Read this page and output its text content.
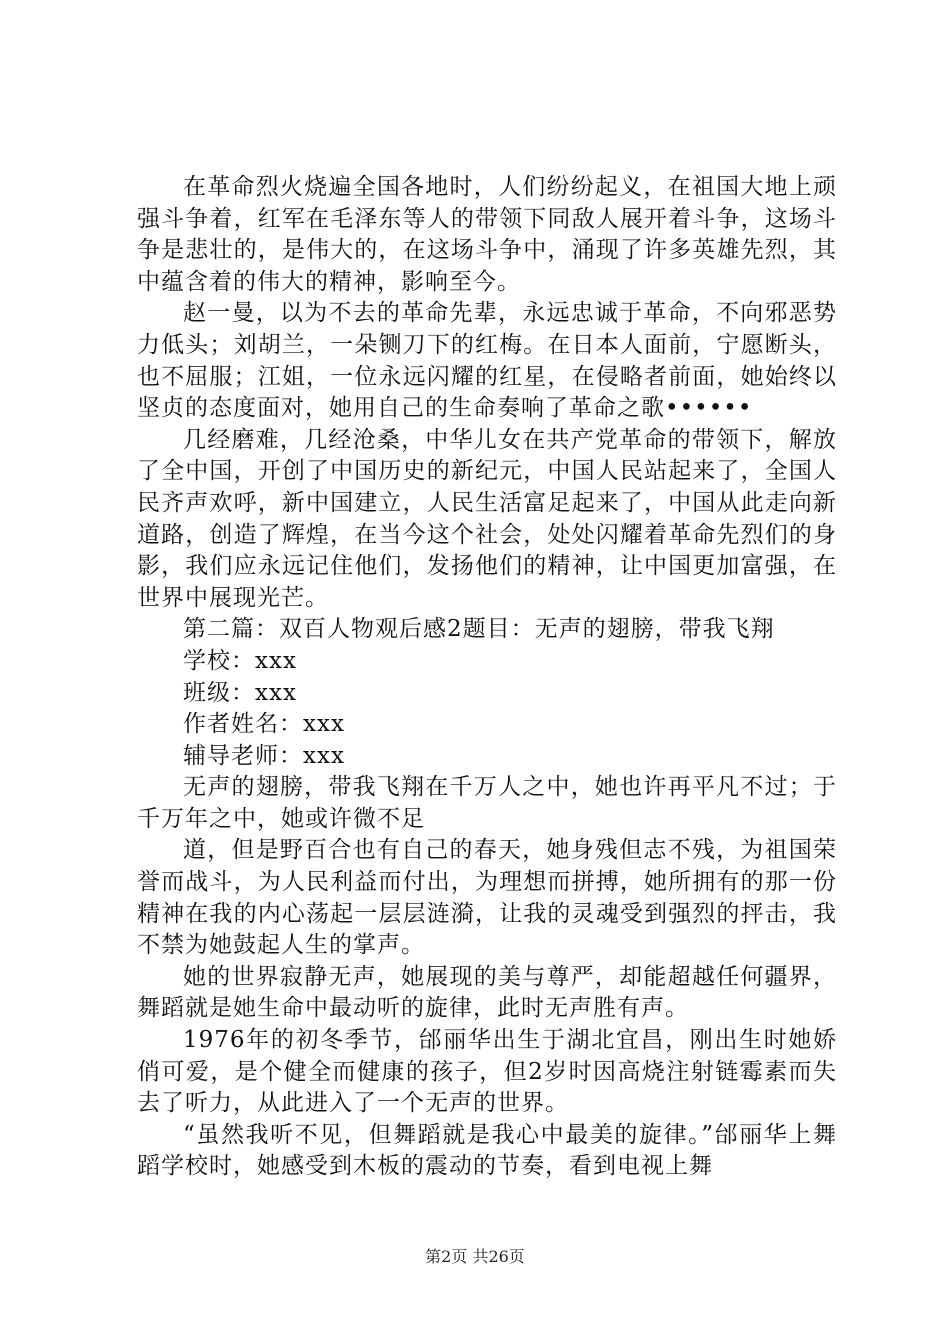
在革命烈火烧遍全国各地时，人们纷纷起义，在祖国大地上顽强斗争着，红军在毛泽东等人的带领下同敌人展开着斗争，这场斗争是悲壮的，是伟大的，在这场斗争中，涌现了许多英雄先烈，其中蕴含着的伟大的精神，影响至今。

赵一曼，以为不去的革命先辈，永远忠诚于革命，不向邪恶势力低头；刘胡兰，一朵铡刀下的红梅。在日本人面前，宁愿断头，也不屈服；江姐，一位永远闪耀的红星，在侵略者前面，她始终以坚贞的态度面对，她用自己的生命奏响了革命之歌••••••

几经磨难，几经沧桑，中华儿女在共产党革命的带领下，解放了全中国，开创了中国历史的新纪元，中国人民站起来了，全国人民齐声欢呼，新中国建立，人民生活富足起来了，中国从此走向新道路，创造了辉煌，在当今这个社会，处处闪耀着革命先烈们的身影，我们应永远记住他们，发扬他们的精神，让中国更加富强，在世界中展现光芒。

第二篇：双百人物观后感2题目：无声的翅膀，带我飞翔

学校：xxx

班级：xxx

作者姓名：xxx

辅导老师：xxx

无声的翅膀，带我飞翔在千万人之中，她也许再平凡不过；于千万年之中，她或许微不足

道，但是野百合也有自己的春天，她身残但志不残，为祖国荣誉而战斗，为人民利益而付出，为理想而拼搏，她所拥有的那一份精神在我的内心荡起一层层涟漪，让我的灵魂受到强烈的抨击，我不禁为她鼓起人生的掌声。

她的世界寂静无声，她展现的美与尊严，却能超越任何疆界，舞蹈就是她生命中最动听的旋律，此时无声胜有声。

1976年的初冬季节，邰丽华出生于湖北宜昌，刚出生时她娇俏可爱，是个健全而健康的孩子，但2岁时因高烧注射链霉素而失去了听力，从此进入了一个无声的世界。

“虽然我听不见，但舞蹈就是我心中最美的旋律。”邰丽华上舞蹈学校时，她感受到木板的震动的节奏，看到电视上舞

第2页 共26页
